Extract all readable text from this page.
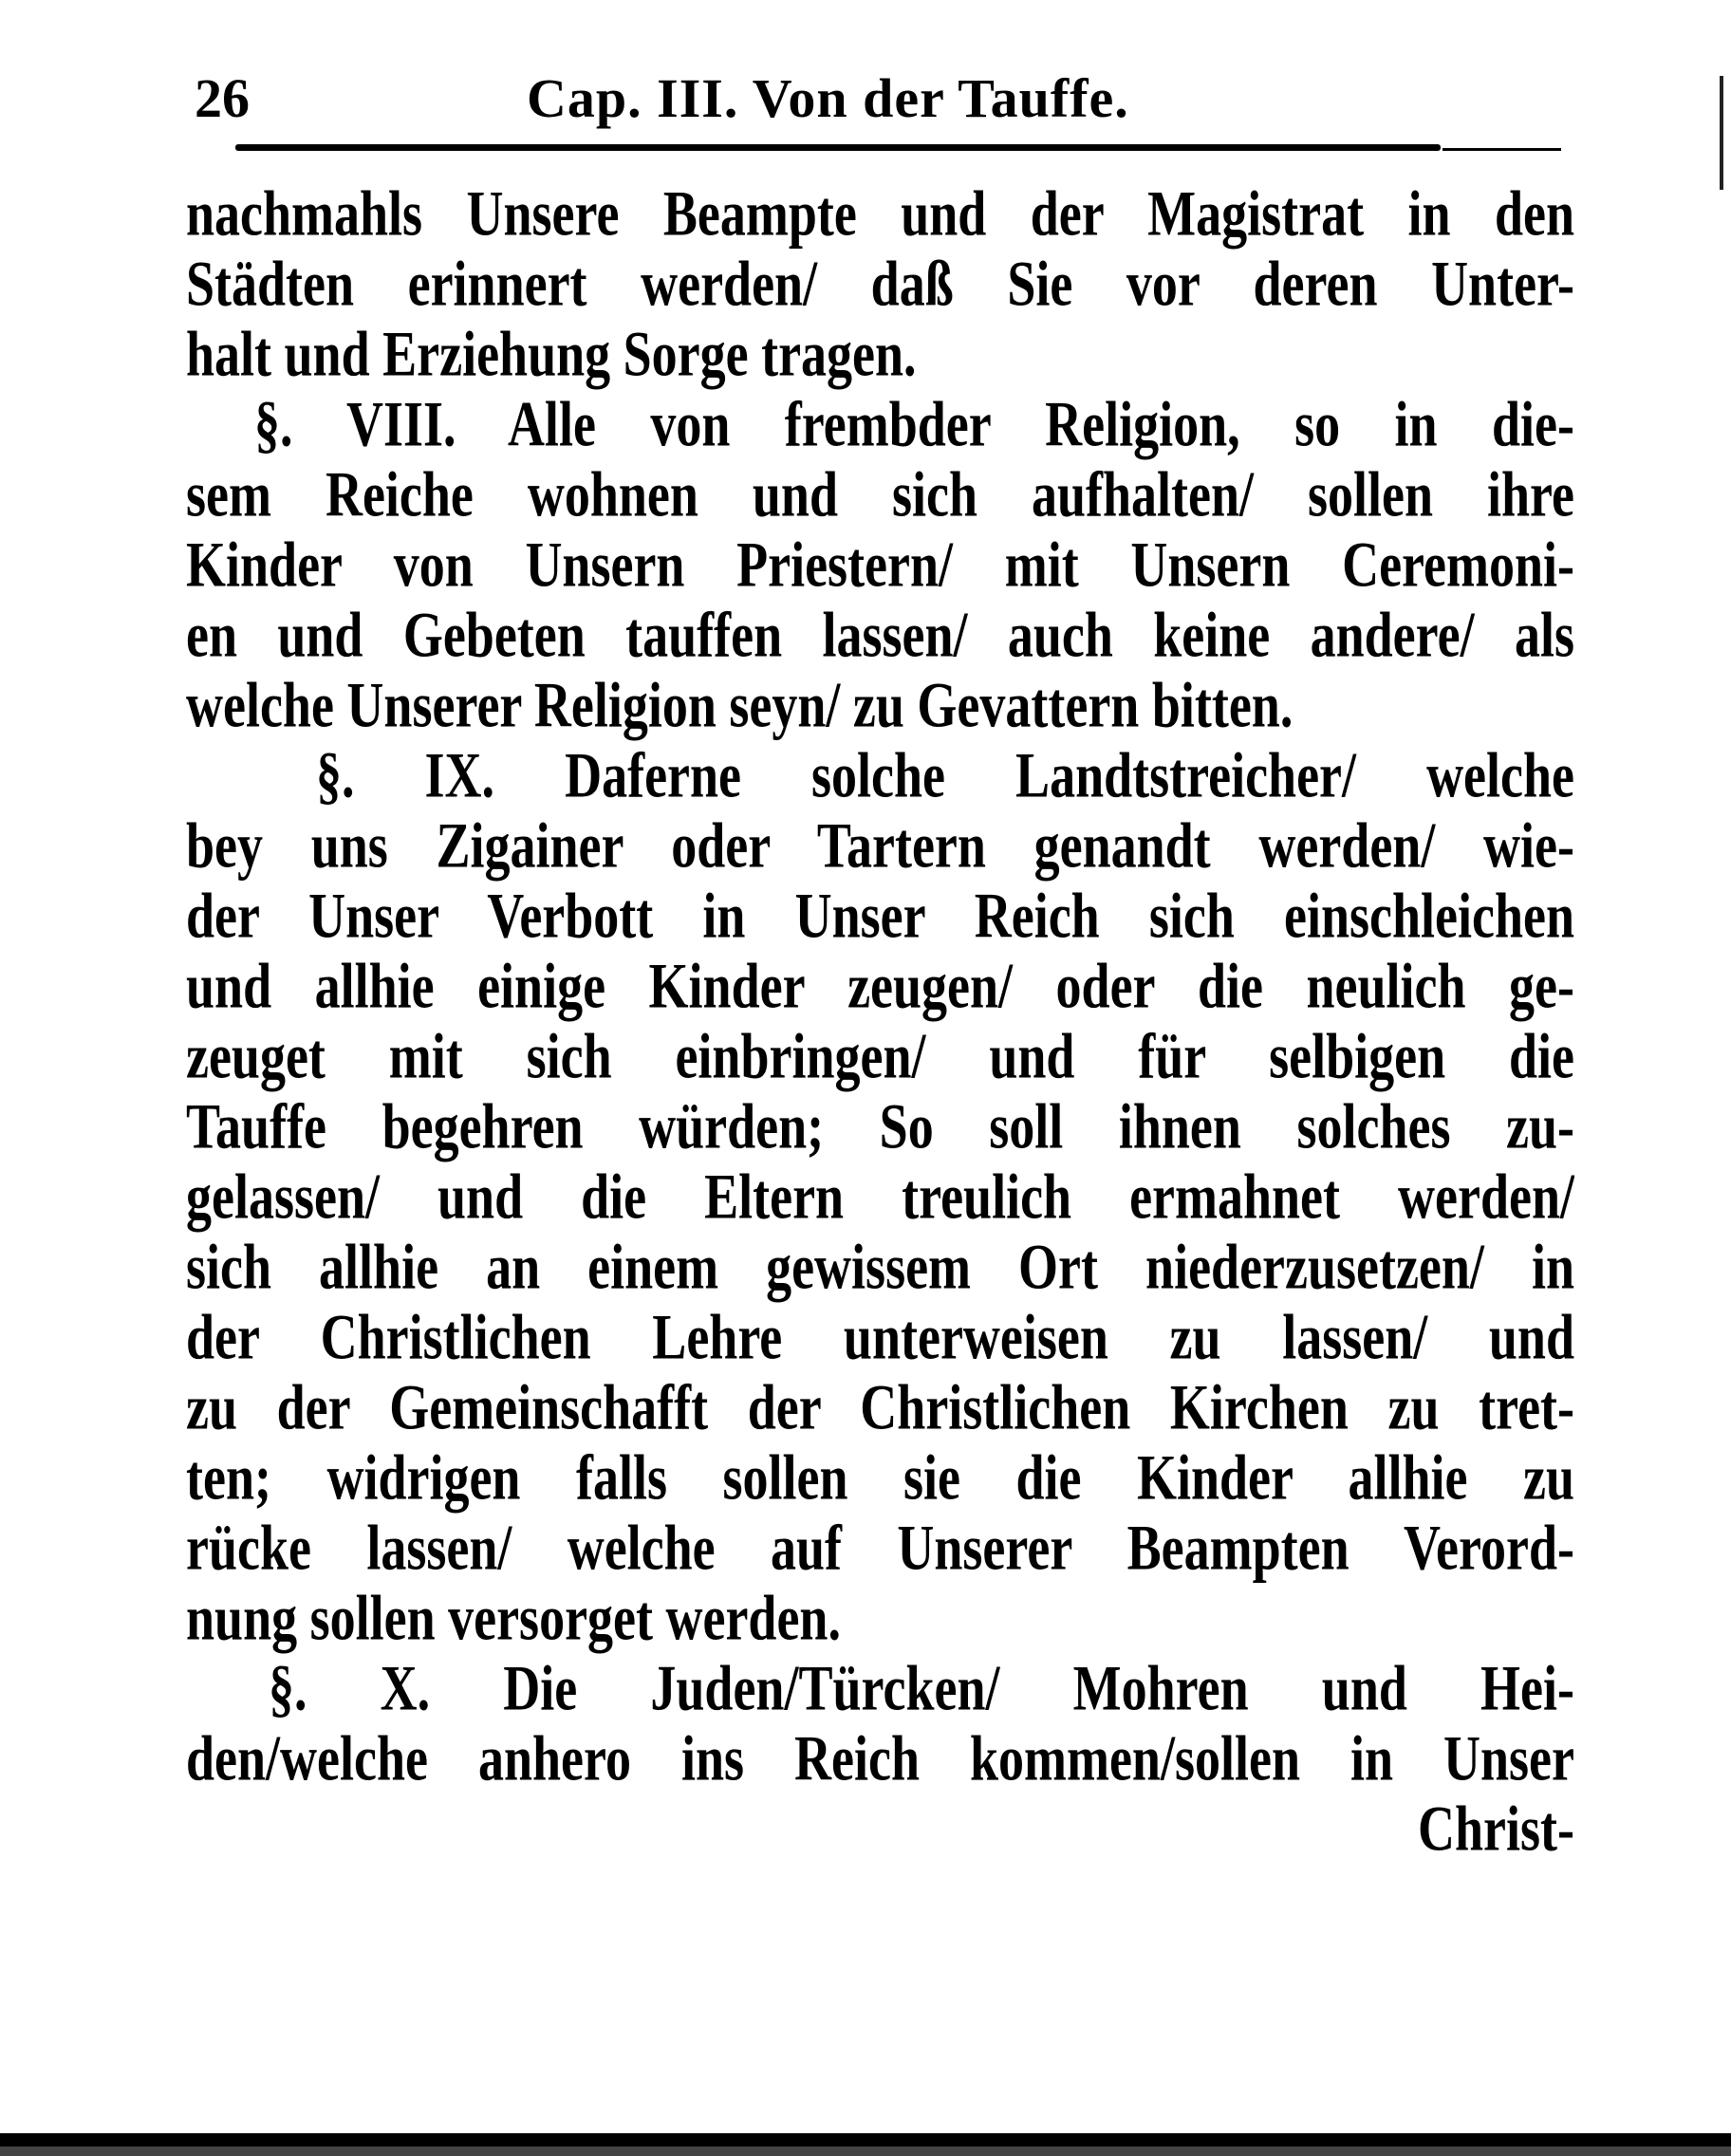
26	Cap. III. Von der Tauffe.
nachmahls Unsere Beampte und der Magistrat in den
Städten erinnert werden/ daß Sie vor deren Unter-
halt und Erziehung Sorge tragen.
§. VIII. Alle von frembder Religion, so in die-
sem Reiche wohnen und sich aufhalten/ sollen ihre
Kinder von Unsern Priestern/ mit Unsern Ceremoni-
en und Gebeten tauffen lassen/ auch keine andere/ als
welche Unserer Religion seyn/ zu Gevattern bitten.
§. IX. Daferne solche Landtstreicher/ welche
bey uns Zigainer oder Tartern genandt werden/ wie-
der Unser Verbott in Unser Reich sich einschleichen
und allhie einige Kinder zeugen/ oder die neulich ge-
zeuget mit sich einbringen/ und für selbigen die
Tauffe begehren würden; So soll ihnen solches zu-
gelassen/ und die Eltern treulich ermahnet werden/
sich allhie an einem gewissem Ort niederzusetzen/ in
der Christlichen Lehre unterweisen zu lassen/ und
zu der Gemeinschafft der Christlichen Kirchen zu tret-
ten; widrigen falls sollen sie die Kinder allhie zu
rücke lassen/ welche auf Unserer Beampten Verord-
nung sollen versorget werden.
§. X. Die Juden/Türcken/ Mohren und Hei-
den/welche anhero ins Reich kommen/sollen in Unser
Christ-
